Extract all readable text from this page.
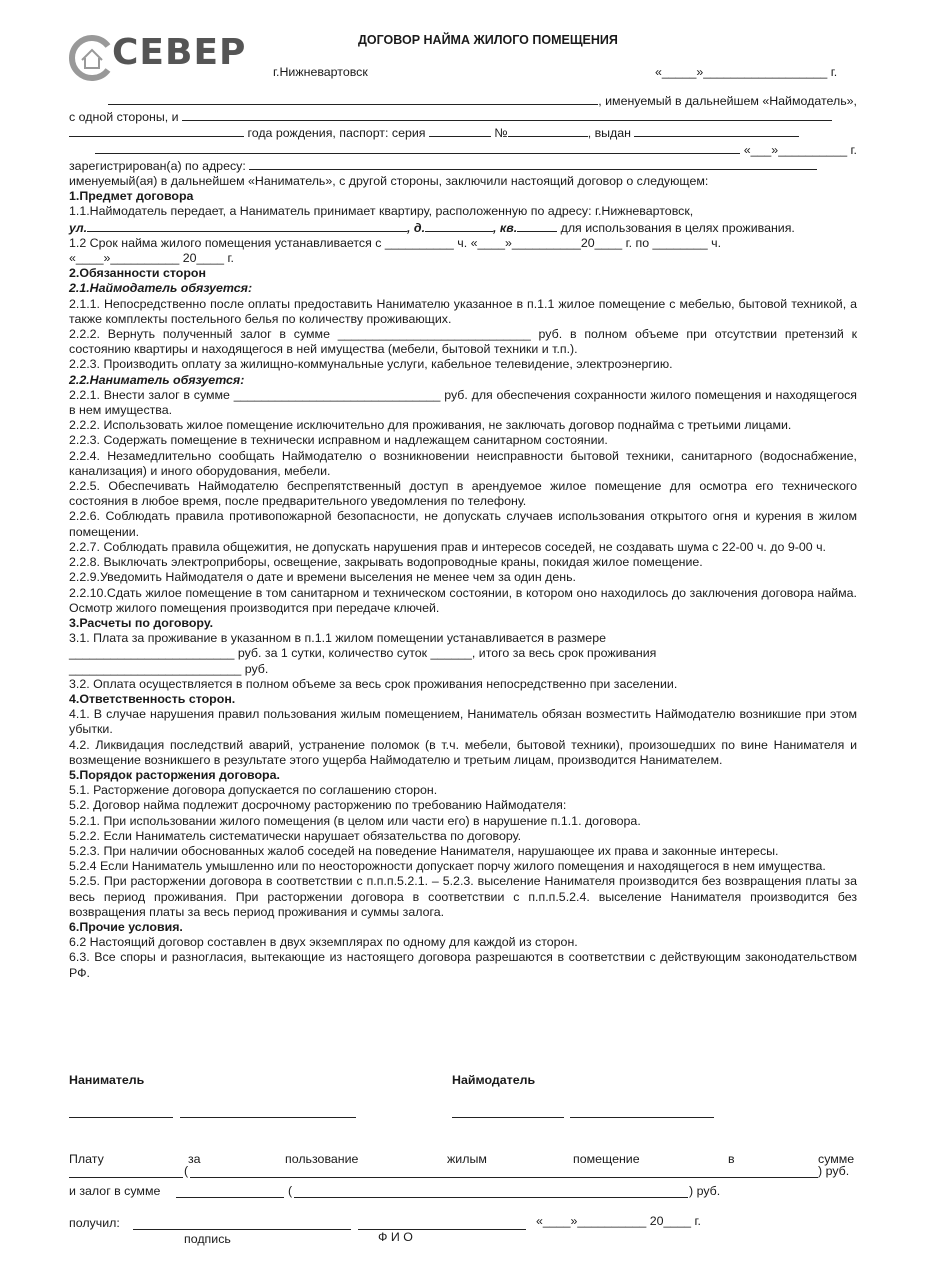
СЕВЕР	ДОГОВОР НАЙМА ЖИЛОГО ПОМЕЩЕНИЯ
г.Нижневартовск	«_____»__________________ г.

, именуемый в дальнейшем «Наймодатель»,

с одной стороны, и

года рождения, паспорт: серия	№	, выдан

«___»__________ г.

зарегистрирован(а) по адресу:

именуемый(ая) в дальнейшем «Наниматель», с другой стороны, заключили настоящий договор о следующем:

1.Предмет договора

1.1.Наймодатель передает, а Наниматель принимает квартиру, расположенную по адресу: г.Нижневартовск,

ул.	, д.	, кв.	для использования в целях проживания.

1.2 Срок найма жилого помещения устанавливается с __________ ч. «____»__________20____ г. по ________ ч.

«____»__________ 20____ г.

2.Обязанности сторон

2.1.Наймодатель обязуется:

2.1.1. Непосредственно после оплаты предоставить Нанимателю указанное в п.1.1 жилое помещение с мебелью, бытовой техникой, а также комплекты постельного белья по количеству проживающих.

2.2.2. Вернуть полученный залог в сумме ____________________________ руб. в полном объеме при отсутствии претензий к состоянию квартиры и находящегося в ней имущества (мебели, бытовой техники и т.п.).

2.2.3. Производить оплату за жилищно-коммунальные услуги, кабельное телевидение, электроэнергию.

2.2.Наниматель обязуется:

2.2.1. Внести залог в сумме ______________________________ руб. для обеспечения сохранности жилого помещения и находящегося в нем имущества.

2.2.2. Использовать жилое помещение исключительно для проживания, не заключать договор поднайма с третьими лицами.

2.2.3. Содержать помещение в технически исправном и надлежащем санитарном состоянии.

2.2.4. Незамедлительно сообщать Наймодателю о возникновении неисправности бытовой техники, санитарного (водоснабжение, канализация) и иного оборудования, мебели.

2.2.5. Обеспечивать Наймодателю беспрепятственный доступ в арендуемое жилое помещение для осмотра его технического состояния в любое время, после предварительного уведомления по телефону.

2.2.6. Соблюдать правила противопожарной безопасности, не допускать случаев использования открытого огня и курения в жилом помещении.

2.2.7. Соблюдать правила общежития, не допускать нарушения прав и интересов соседей, не создавать шума с 22-00 ч. до 9-00 ч.

2.2.8. Выключать электроприборы, освещение, закрывать водопроводные краны, покидая жилое помещение.

2.2.9.Уведомить Наймодателя о дате и времени выселения не менее чем за один день.

2.2.10.Сдать жилое помещение в том санитарном и техническом состоянии, в котором оно находилось до заключения договора найма. Осмотр жилого помещения производится при передаче ключей.

3.Расчеты по договору.

3.1. Плата за проживание в указанном в п.1.1 жилом помещении устанавливается в размере

________________________ руб. за 1 сутки, количество суток ______, итого за весь срок проживания

_________________________ руб.

3.2. Оплата осуществляется в полном объеме за весь срок проживания непосредственно при заселении.

4.Ответственность сторон.

4.1. В случае нарушения правил пользования жилым помещением, Наниматель обязан возместить Наймодателю возникшие при этом убытки.

4.2. Ликвидация последствий аварий, устранение поломок (в т.ч. мебели, бытовой техники), произошедших по вине Нанимателя и возмещение возникшего в результате этого ущерба Наймодателю и третьим лицам, производится Нанимателем.

5.Порядок расторжения договора.

5.1. Расторжение договора допускается по соглашению сторон.

5.2. Договор найма подлежит досрочному расторжению по требованию Наймодателя:

5.2.1. При использовании жилого помещения (в целом или части его) в нарушение п.1.1. договора.

5.2.2. Если Наниматель систематически нарушает обязательства по договору.

5.2.3. При наличии обоснованных жалоб соседей на поведение Нанимателя, нарушающее их права и законные интересы.

5.2.4 Если Наниматель умышленно или по неосторожности допускает порчу жилого помещения и находящегося в нем имущества.

5.2.5. При расторжении договора в соответствии с п.п.п.5.2.1. – 5.2.3. выселение Нанимателя производится без возвращения платы за весь период проживания. При расторжении договора в соответствии с п.п.п.5.2.4. выселение Нанимателя производится без возвращения платы за весь период проживания и суммы залога.

6.Прочие условия.

6.2 Настоящий договор составлен в двух экземплярах по одному для каждой из сторон.

6.3. Все споры и разногласия, вытекающие из настоящего договора разрешаются в соответствии с действующим законодательством РФ.

Наниматель	Наймодатель
Плату	за	пользование	жилым	помещение	в	сумме
(	) руб.
и залог в сумме	(	) руб.
получил:	«____»__________ 20____ г.
подпись	Ф И О
